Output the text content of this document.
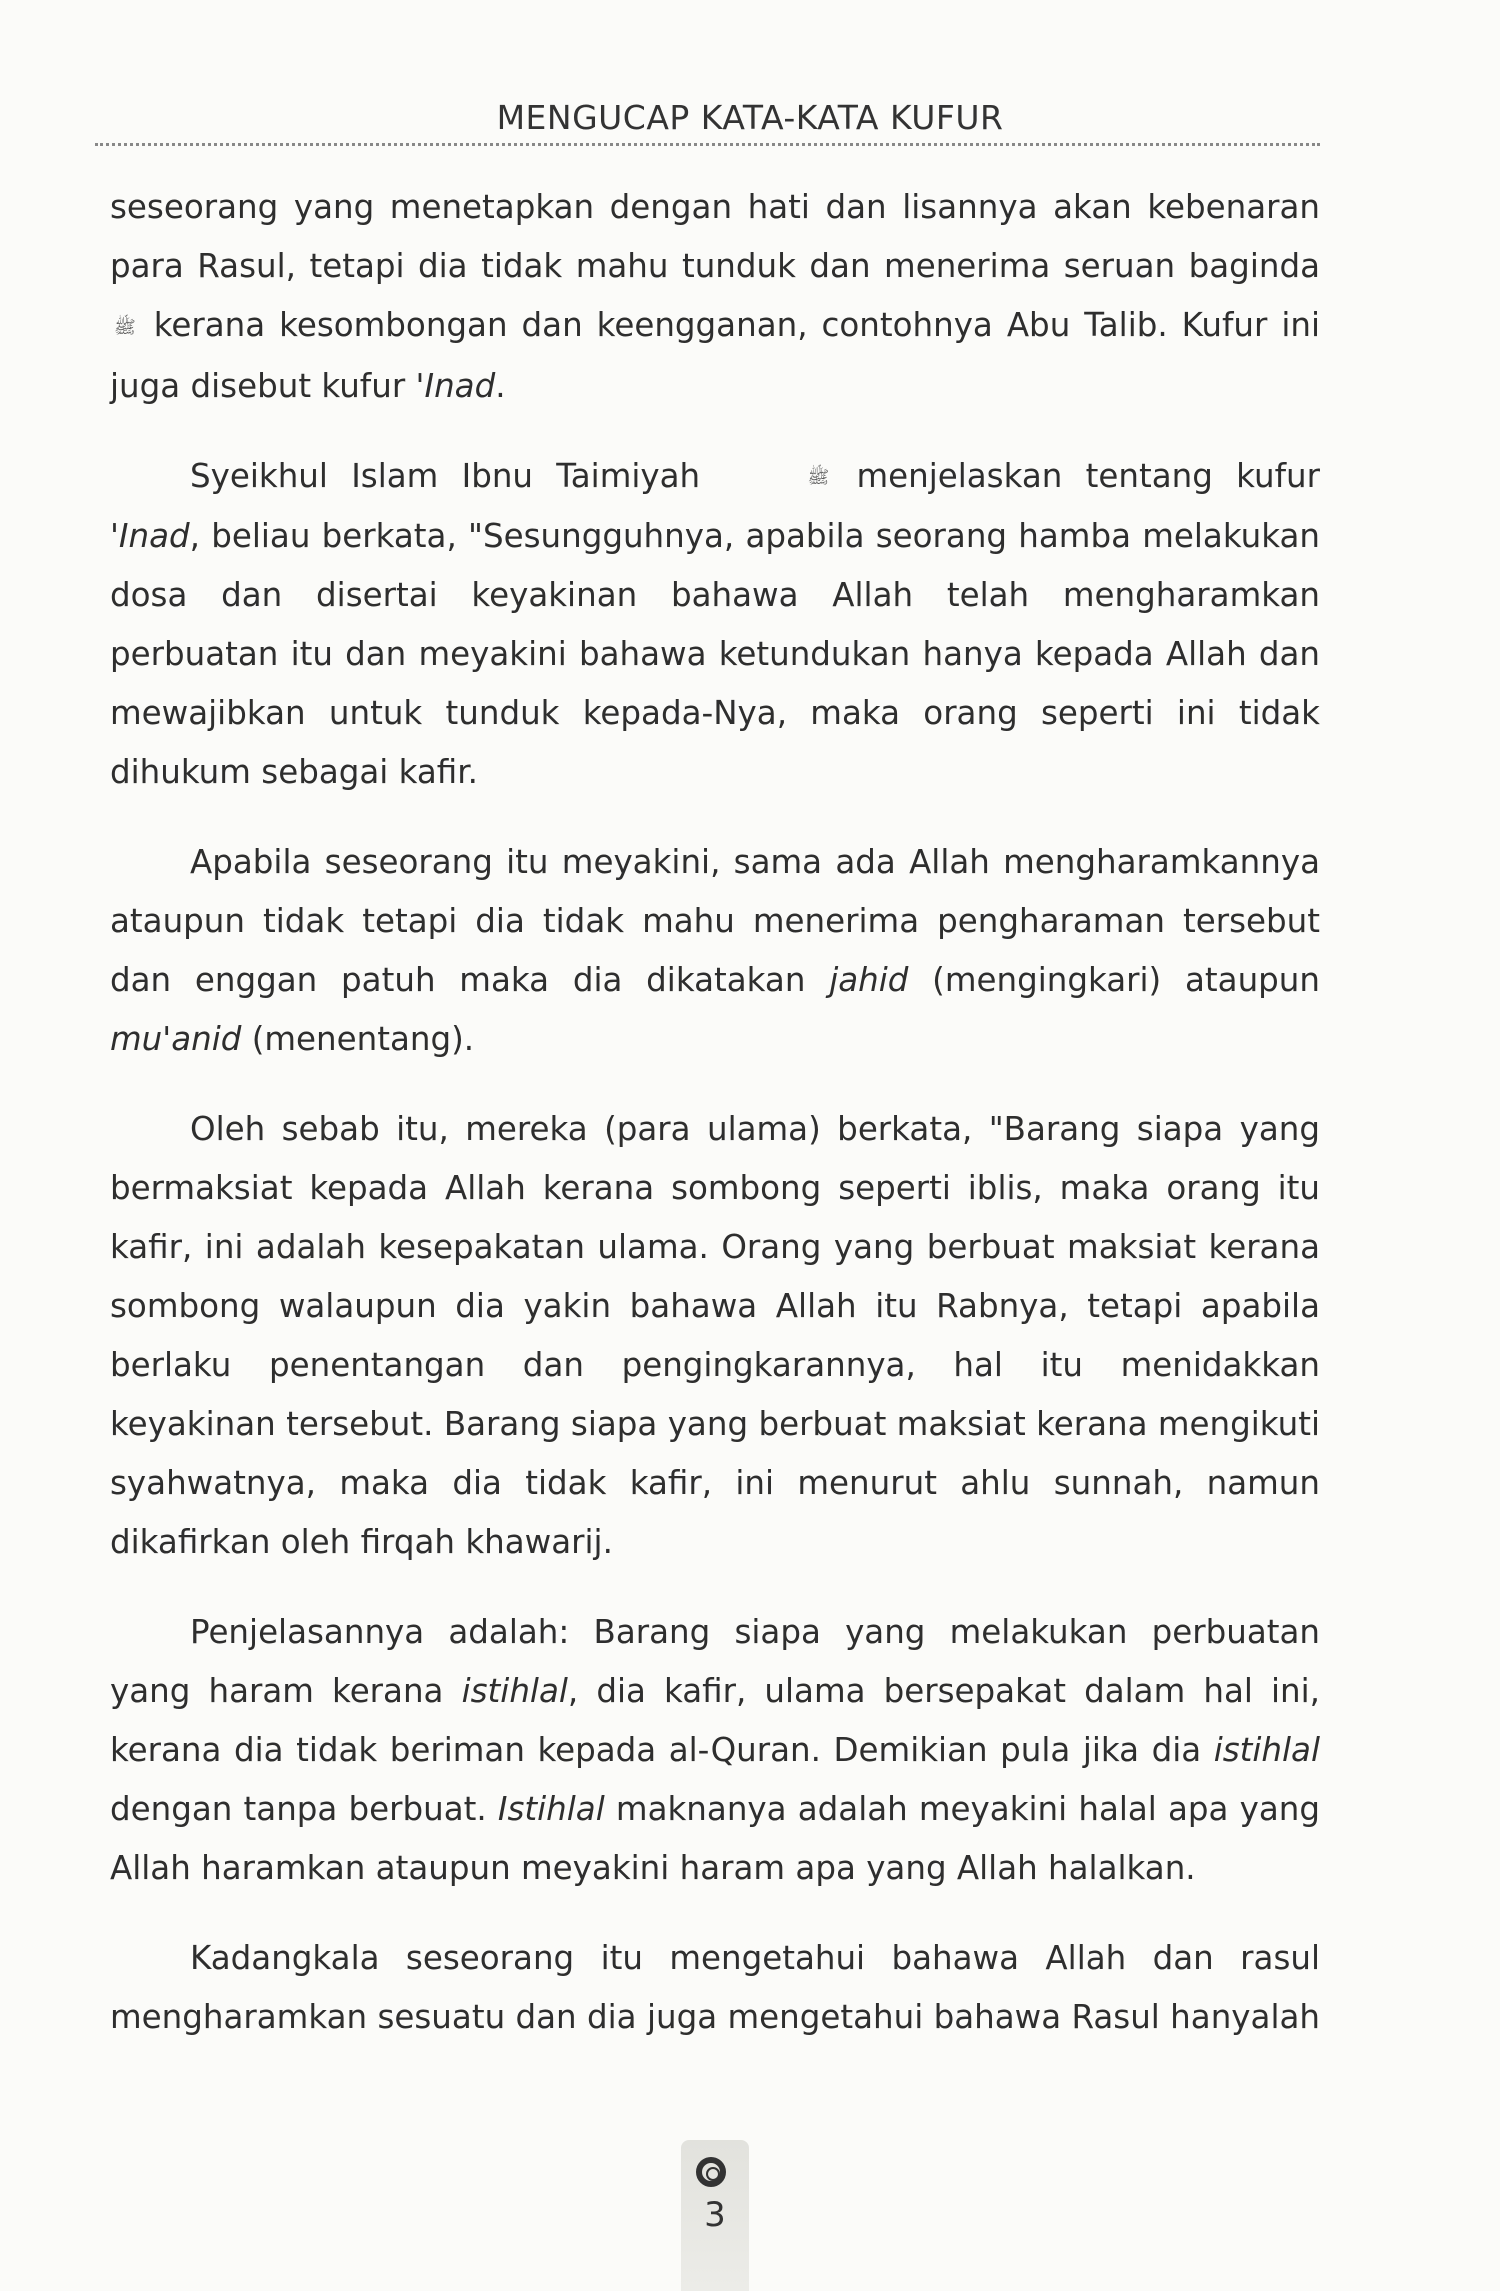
MENGUCAP KATA-KATA KUFUR

seseorang yang menetapkan dengan hati dan lisannya akan kebenaran para Rasul, tetapi dia tidak mahu tunduk dan menerima seruan baginda ﷺ kerana kesombongan dan keengganan, contohnya Abu Talib. Kufur ini juga disebut kufur 'Inad.

Syeikhul Islam Ibnu Taimiyah	ﷺ menjelaskan tentang kufur 'Inad, beliau berkata, "Sesungguhnya, apabila seorang hamba melakukan dosa dan disertai keyakinan bahawa Allah telah mengharamkan perbuatan itu dan meyakini bahawa ketundukan hanya kepada Allah dan mewajibkan untuk tunduk kepada-Nya, maka orang seperti ini tidak dihukum sebagai kafir.

Apabila seseorang itu meyakini, sama ada Allah mengharamkannya ataupun tidak tetapi dia tidak mahu menerima pengharaman tersebut dan enggan patuh maka dia dikatakan jahid (mengingkari) ataupun mu'anid (menentang).

Oleh sebab itu, mereka (para ulama) berkata, "Barang siapa yang bermaksiat kepada Allah kerana sombong seperti iblis, maka orang itu kafir, ini adalah kesepakatan ulama. Orang yang berbuat maksiat kerana sombong walaupun dia yakin bahawa Allah itu Rabnya, tetapi apabila berlaku penentangan dan pengingkarannya, hal itu menidakkan keyakinan tersebut. Barang siapa yang berbuat maksiat kerana mengikuti syahwatnya, maka dia tidak kafir, ini menurut ahlu sunnah, namun dikafirkan oleh firqah khawarij.

Penjelasannya adalah: Barang siapa yang melakukan perbuatan yang haram kerana istihlal, dia kafir, ulama bersepakat dalam hal ini, kerana dia tidak beriman kepada al-Quran. Demikian pula jika dia istihlal dengan tanpa berbuat. Istihlal maknanya adalah meyakini halal apa yang Allah haramkan ataupun meyakini haram apa yang Allah halalkan.

Kadangkala seseorang itu mengetahui bahawa Allah dan rasul mengharamkan sesuatu dan dia juga mengetahui bahawa Rasul hanyalah

3
